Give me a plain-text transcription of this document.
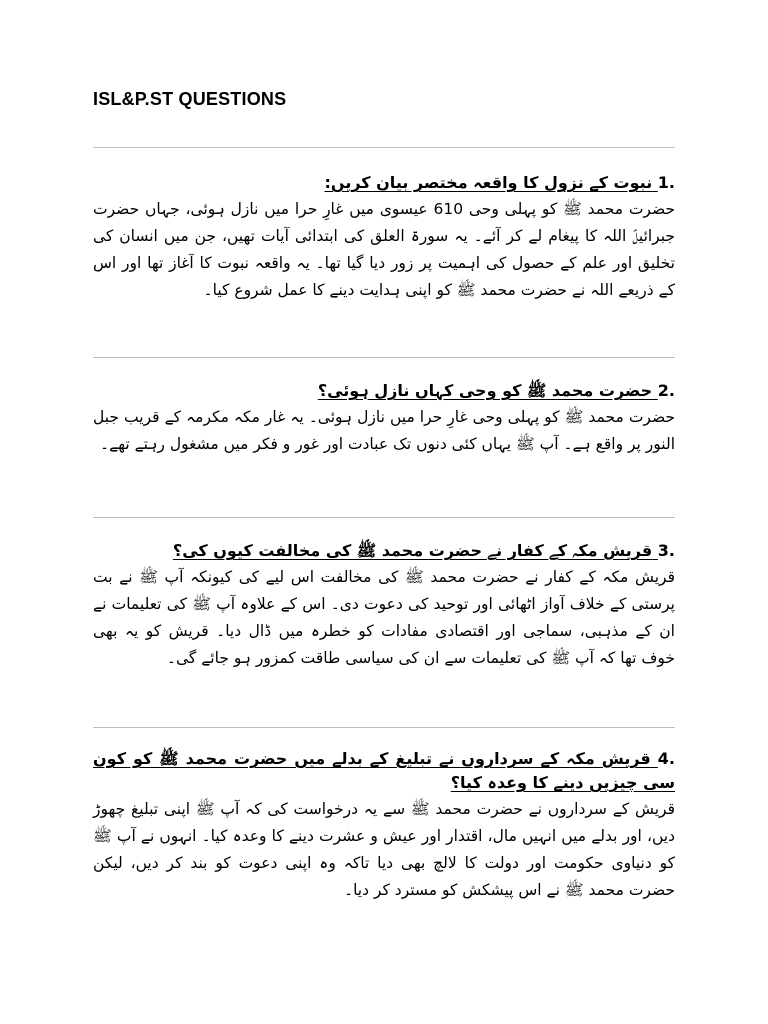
ISL&P.ST QUESTIONS
1. نبوت کے نزول کا واقعہ مختصر بیان کریں:
حضرت محمد ﷺ کو پہلی وحی 610 عیسوی میں غارِ حرا میں نازل ہوئی، جہاں حضرت جبرائیلؑ اللہ کا پیغام لے کر آئے۔ یہ سورۃ العلق کی ابتدائی آیات تھیں، جن میں انسان کی تخلیق اور علم کے حصول کی اہمیت پر زور دیا گیا تھا۔ یہ واقعہ نبوت کا آغاز تھا اور اس کے ذریعے اللہ نے حضرت محمد ﷺ کو اپنی ہدایت دینے کا عمل شروع کیا۔
2. حضرت محمد ﷺ کو وحی کہاں نازل ہوئی؟
حضرت محمد ﷺ کو پہلی وحی غارِ حرا میں نازل ہوئی۔ یہ غار مکہ مکرمہ کے قریب جبل النور پر واقع ہے۔ آپ ﷺ یہاں کئی دنوں تک عبادت اور غور و فکر میں مشغول رہتے تھے۔
3. قریش مکہ کے کفار نے حضرت محمد ﷺ کی مخالفت کیوں کی؟
قریش مکہ کے کفار نے حضرت محمد ﷺ کی مخالفت اس لیے کی کیونکہ آپ ﷺ نے بت پرستی کے خلاف آواز اٹھائی اور توحید کی دعوت دی۔ اس کے علاوہ آپ ﷺ کی تعلیمات نے ان کے مذہبی، سماجی اور اقتصادی مفادات کو خطرہ میں ڈال دیا۔ قریش کو یہ بھی خوف تھا کہ آپ ﷺ کی تعلیمات سے ان کی سیاسی طاقت کمزور ہو جائے گی۔
4. قریش مکہ کے سرداروں نے تبلیغ کے بدلے میں حضرت محمد ﷺ کو کون سی چیزیں دینے کا وعدہ کیا؟
قریش کے سرداروں نے حضرت محمد ﷺ سے یہ درخواست کی کہ آپ ﷺ اپنی تبلیغ چھوڑ دیں، اور بدلے میں انہیں مال، اقتدار اور عیش و عشرت دینے کا وعدہ کیا۔ انہوں نے آپ ﷺ کو دنیاوی حکومت اور دولت کا لالچ بھی دیا تاکہ وہ اپنی دعوت کو بند کر دیں، لیکن حضرت محمد ﷺ نے اس پیشکش کو مسترد کر دیا۔
